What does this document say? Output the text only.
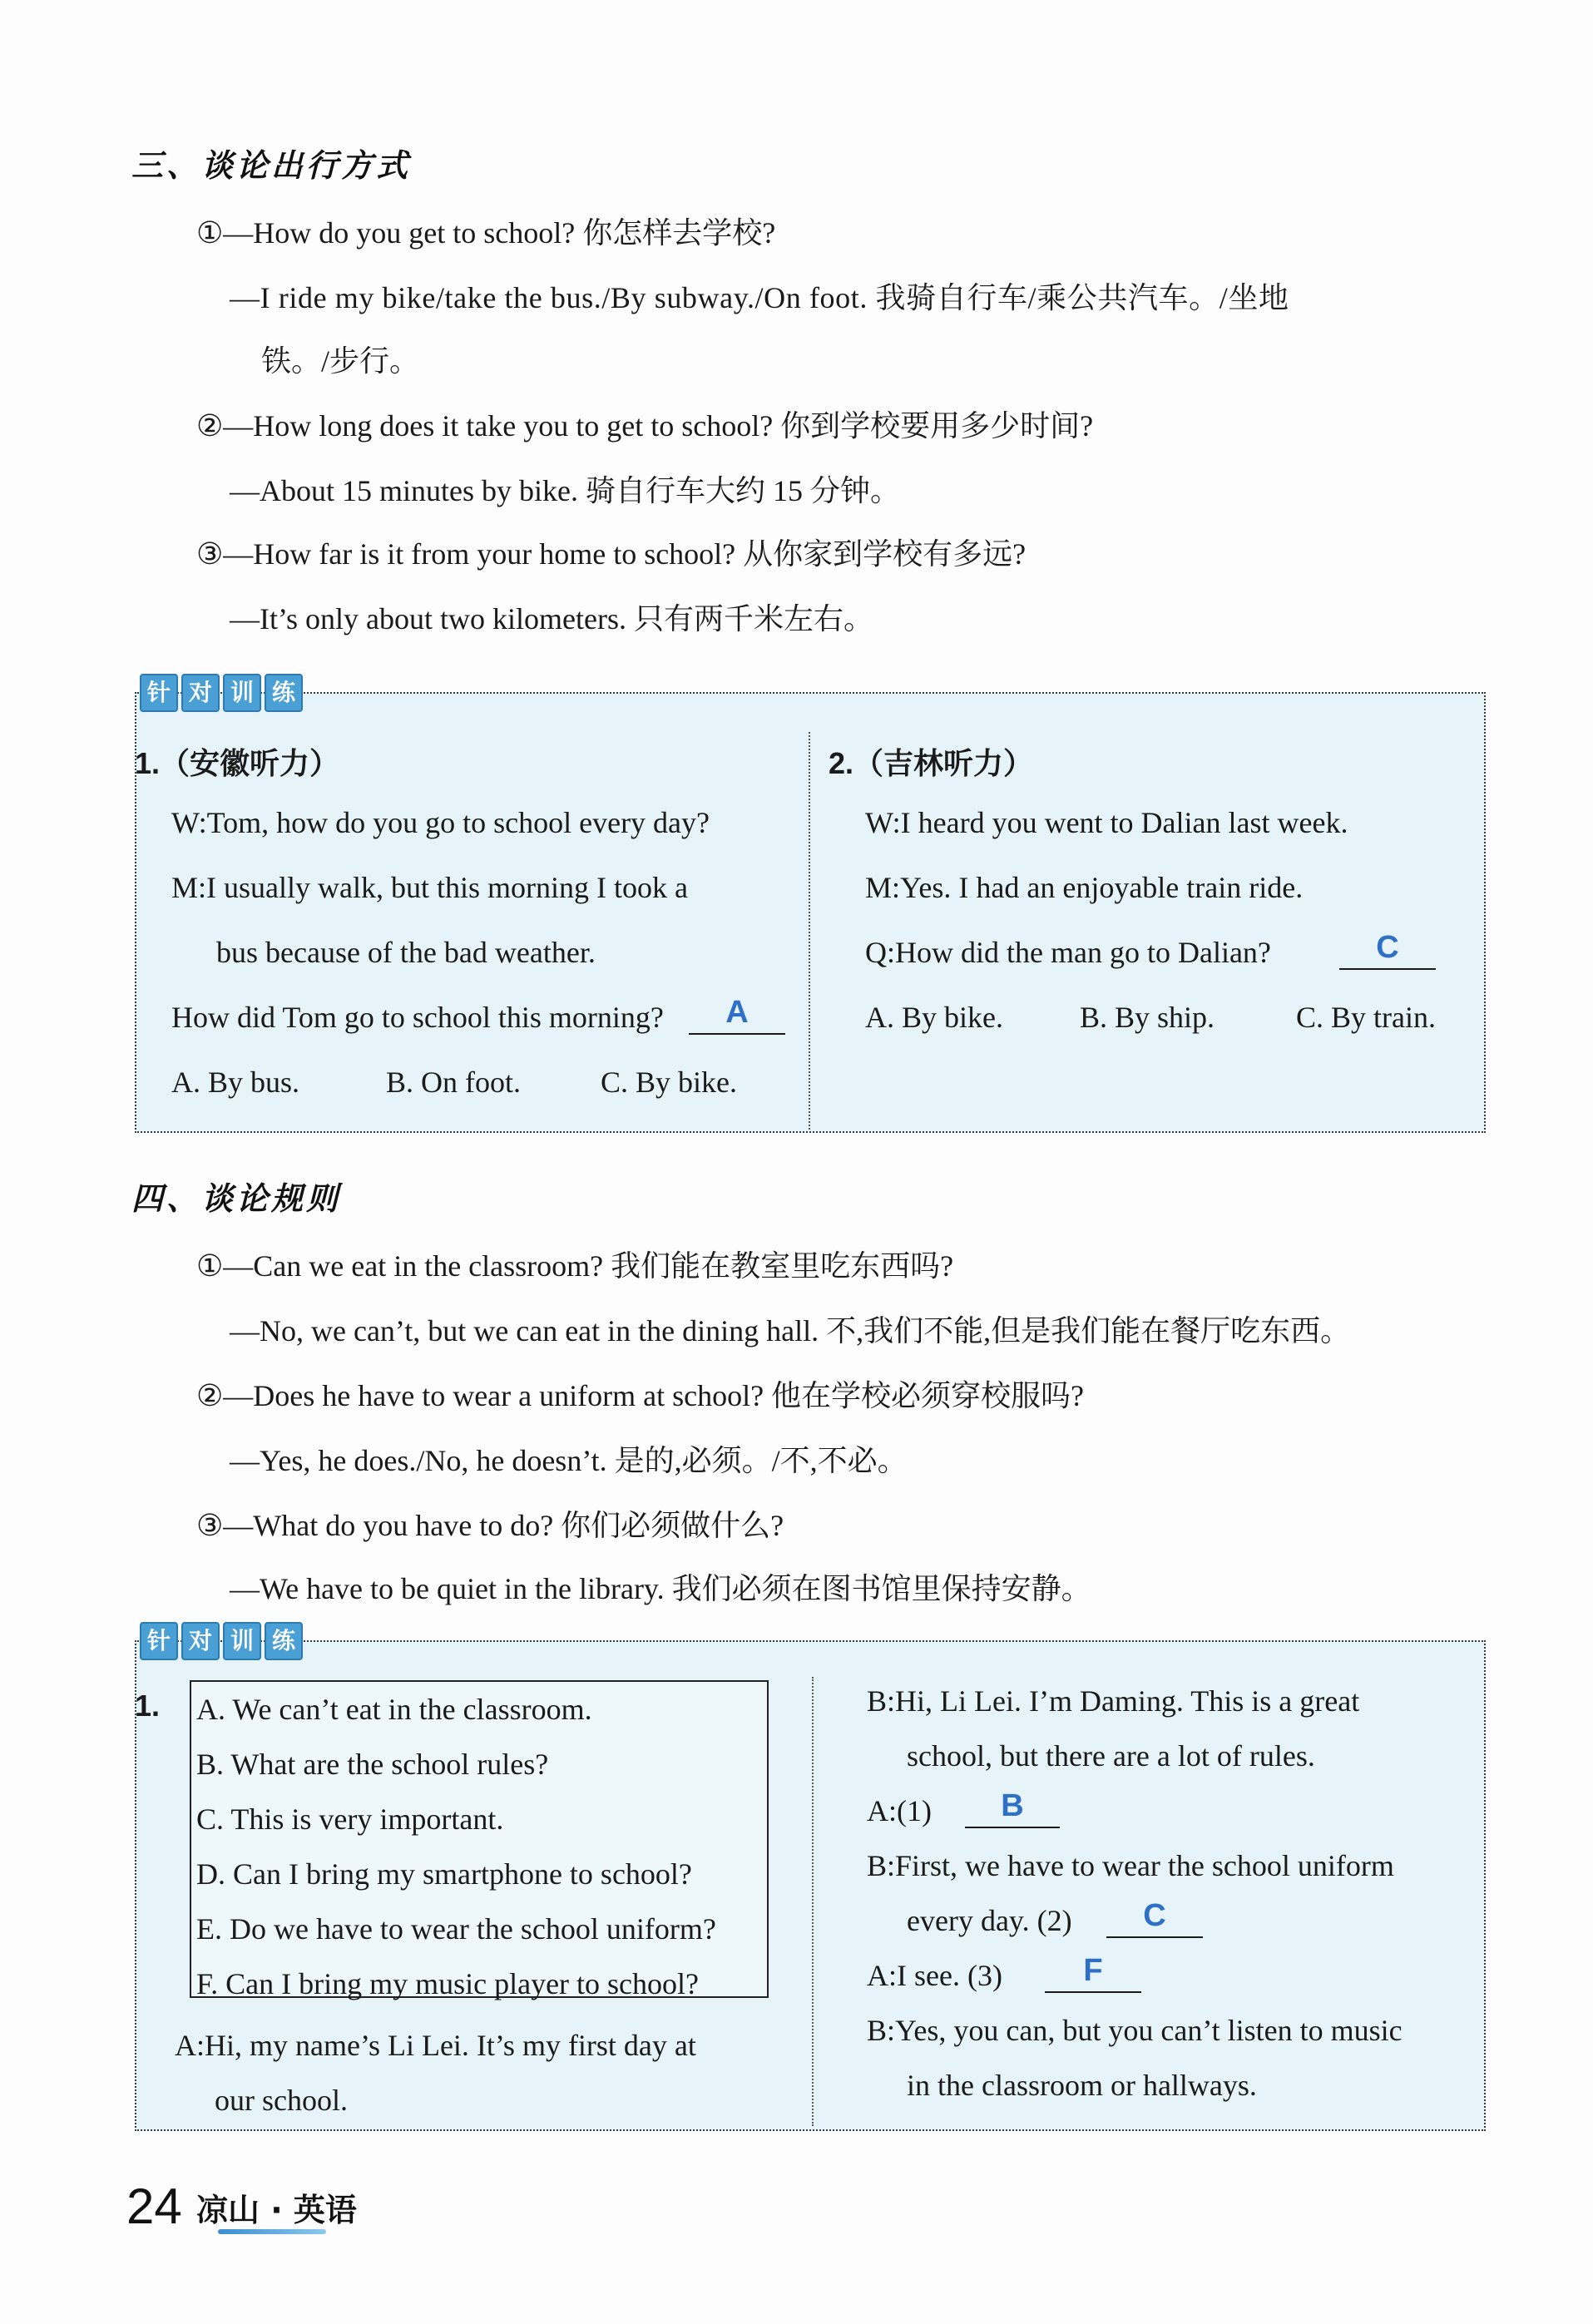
三、谈论出行方式
①—How do you get to school? 你怎样去学校?
—I ride my bike/take the bus./By subway./On foot. 我骑自行车/乘公共汽车。/坐地
铁。/步行。
②—How long does it take you to get to school? 你到学校要用多少时间?
—About 15 minutes by bike. 骑自行车大约 15 分钟。
③—How far is it from your home to school? 从你家到学校有多远?
—It’s only about two kilometers. 只有两千米左右。
针 对 训 练
1.（安徽听力）
W:Tom, how do you go to school every day?
M:I usually walk, but this morning I took a
bus because of the bad weather.
How did Tom go to school this morning?	A
A. By bus.	B. On foot.	C. By bike.
2.（吉林听力）
W:I heard you went to Dalian last week.
M:Yes. I had an enjoyable train ride.
Q:How did the man go to Dalian?	C
A. By bike.	B. By ship.	C. By train.
四、谈论规则
①—Can we eat in the classroom? 我们能在教室里吃东西吗?
—No, we can’t, but we can eat in the dining hall. 不,我们不能,但是我们能在餐厅吃东西。
②—Does he have to wear a uniform at school? 他在学校必须穿校服吗?
—Yes, he does./No, he doesn’t. 是的,必须。/不,不必。
③—What do you have to do? 你们必须做什么?
—We have to be quiet in the library. 我们必须在图书馆里保持安静。
针 对 训 练
1. A. We can’t eat in the classroom.
B. What are the school rules?
C. This is very important.
D. Can I bring my smartphone to school?
E. Do we have to wear the school uniform?
F. Can I bring my music player to school?
A:Hi, my name’s Li Lei. It’s my first day at
our school.
B:Hi, Li Lei. I’m Daming. This is a great
school, but there are a lot of rules.
A:(1)	B
B:First, we have to wear the school uniform
every day. (2)	C
A:I see. (3)	F
B:Yes, you can, but you can’t listen to music
in the classroom or hallways.
24 凉山 · 英语
